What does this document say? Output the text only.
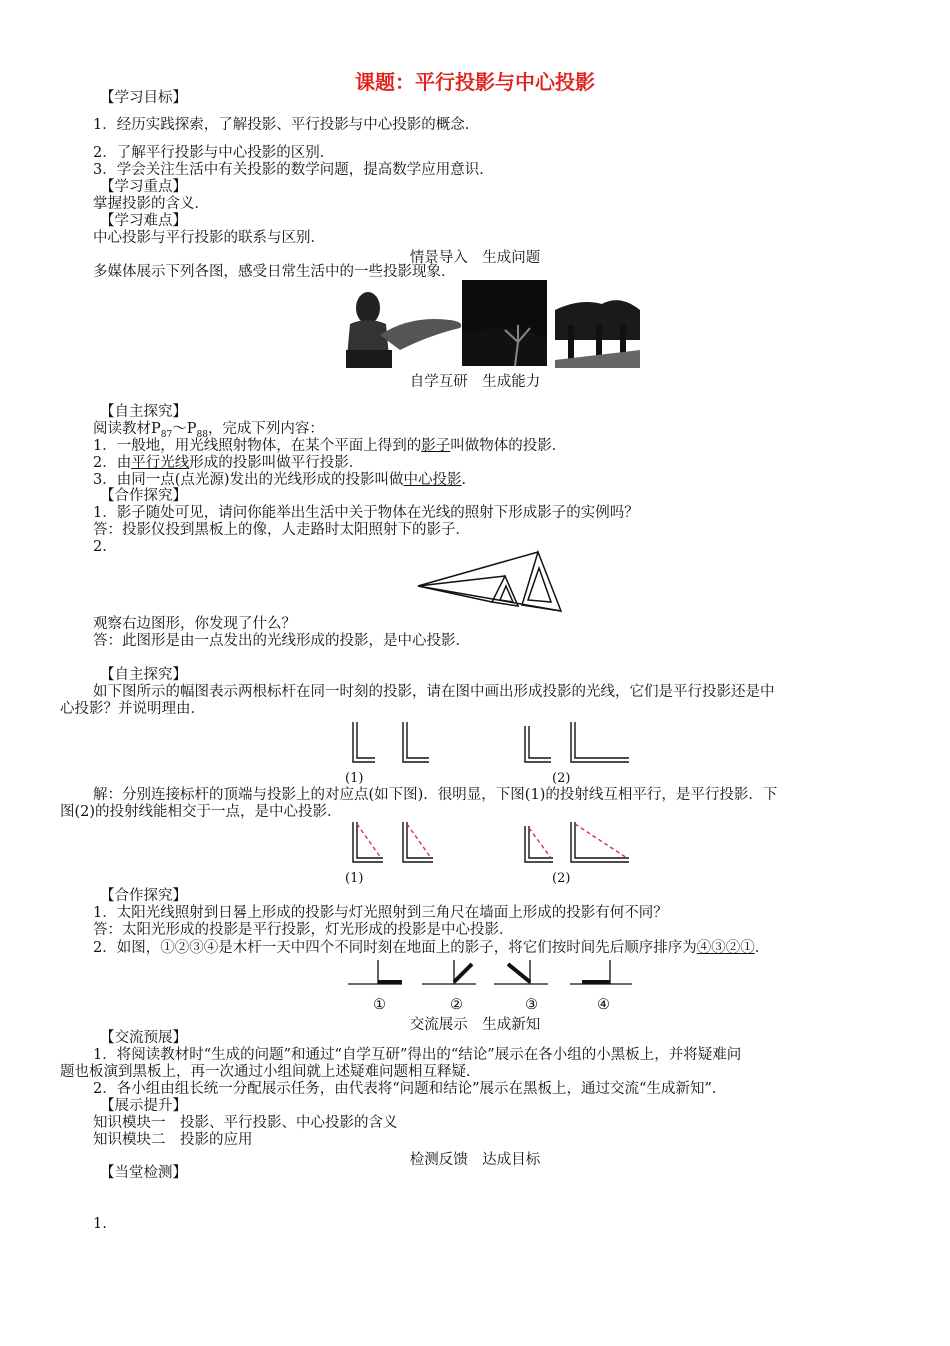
课题：平行投影与中心投影
【学习目标】
1．经历实践探索，了解投影、平行投影与中心投影的概念．
2．了解平行投影与中心投影的区别．
3．学会关注生活中有关投影的数学问题，提高数学应用意识．
【学习重点】
掌握投影的含义．
【学习难点】
中心投影与平行投影的联系与区别．
情景导入　生成问题
多媒体展示下列各图，感受日常生活中的一些投影现象．
自学互研　生成能力
【自主探究】
阅读教材$P_{87}\sim P_{88}$，完成下列内容：
1．一般地，用光线照射物体，在某个平面上得到的影子叫做物体的投影．
2．由平行光线形成的投影叫做平行投影．
3．由同一点(点光源)发出的光线形成的投影叫做中心投影．
【合作探究】
1．影子随处可见，请问你能举出生活中关于物体在光线的照射下形成影子的实例吗？
答：投影仪投到黑板上的像，人走路时太阳照射下的影子．
2.
观察右边图形，你发现了什么？
答：此图形是由一点发出的光线形成的投影，是中心投影．
【自主探究】
如下图所示的幅图表示两根标杆在同一时刻的投影，请在图中画出形成投影的光线，它们是平行投影还是中
心投影？并说明理由．
(1)	(2)
解：分别连接标杆的顶端与投影上的对应点(如下图)．很明显，下图(1)的投射线互相平行，是平行投影．下
图(2)的投射线能相交于一点，是中心投影．
(1)	(2)
【合作探究】
1．太阳光线照射到日晷上形成的投影与灯光照射到三角尺在墙面上形成的投影有何不同？
答：太阳光形成的投影是平行投影，灯光形成的投影是中心投影．
2．如图，①②③④是木杆一天中四个不同时刻在地面上的影子，将它们按时间先后顺序排序为④③②①．
①	②	③	④
交流展示　生成新知
【交流预展】
1．将阅读教材时“生成的问题”和通过“自学互研”得出的“结论”展示在各小组的小黑板上，并将疑难问
题也板演到黑板上，再一次通过小组间就上述疑难问题相互释疑．
2．各小组由组长统一分配展示任务，由代表将“问题和结论”展示在黑板上，通过交流“生成新知”．
【展示提升】
知识模块一　投影、平行投影、中心投影的含义
知识模块二　投影的应用
检测反馈　达成目标
【当堂检测】
1.
